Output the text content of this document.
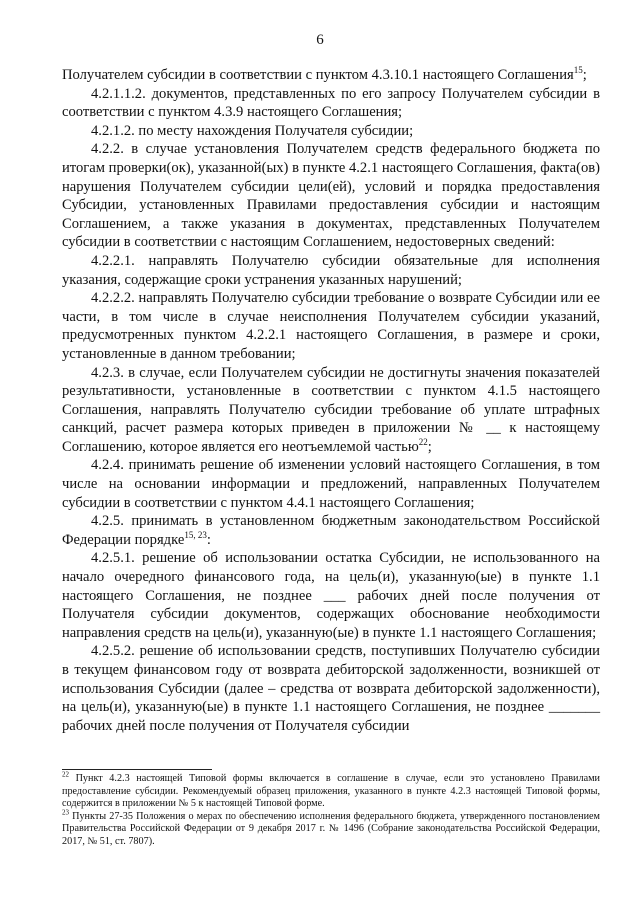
6

Получателем субсидии в соответствии с пунктом 4.3.10.1 настоящего Соглашения$^{15}$;

4.2.1.1.2. документов, представленных по его запросу Получателем субсидии в соответствии с пунктом 4.3.9 настоящего Соглашения;

4.2.1.2. по месту нахождения Получателя субсидии;

4.2.2. в случае установления Получателем средств федерального бюджета по итогам проверки(ок), указанной(ых) в пункте 4.2.1 настоящего Соглашения, факта(ов) нарушения Получателем субсидии цели(ей), условий и порядка предоставления Субсидии, установленных Правилами предоставления субсидии и настоящим Соглашением, а также указания в документах, представленных Получателем субсидии в соответствии с настоящим Соглашением, недостоверных сведений:

4.2.2.1. направлять Получателю субсидии обязательные для исполнения указания, содержащие сроки устранения указанных нарушений;

4.2.2.2. направлять Получателю субсидии требование о возврате Субсидии или ее части, в том числе в случае неисполнения Получателем субсидии указаний, предусмотренных пунктом 4.2.2.1 настоящего Соглашения, в размере и сроки, установленные в данном требовании;

4.2.3. в случае, если Получателем субсидии не достигнуты значения показателей результативности, установленные в соответствии с пунктом 4.1.5 настоящего Соглашения, направлять Получателю субсидии требование об уплате штрафных санкций, расчет размера которых приведен в приложении № __ к настоящему Соглашению, которое является его неотъемлемой частью$^{22}$;

4.2.4. принимать решение об изменении условий настоящего Соглашения, в том числе на основании информации и предложений, направленных Получателем субсидии в соответствии с пунктом 4.4.1 настоящего Соглашения;

4.2.5. принимать в установленном бюджетным законодательством Российской Федерации порядке$^{15, 23}$:

4.2.5.1. решение об использовании остатка Субсидии, не использованного на начало очередного финансового года, на цель(и), указанную(ые) в пункте 1.1 настоящего Соглашения, не позднее ___ рабочих дней после получения от Получателя субсидии документов, содержащих обоснование необходимости направления средств на цель(и), указанную(ые) в пункте 1.1 настоящего Соглашения;

4.2.5.2. решение об использовании средств, поступивших Получателю субсидии в текущем финансовом году от возврата дебиторской задолженности, возникшей от использования Субсидии (далее – средства от возврата дебиторской задолженности), на цель(и), указанную(ые) в пункте 1.1 настоящего Соглашения, не позднее _______ рабочих дней после получения от Получателя субсидии

$^{22}$ Пункт 4.2.3 настоящей Типовой формы включается в соглашение в случае, если это установлено Правилами предоставление субсидии. Рекомендуемый образец приложения, указанного в пункте 4.2.3 настоящей Типовой формы, содержится в приложении № 5 к настоящей Типовой форме.

$^{23}$ Пункты 27-35 Положения о мерах по обеспечению исполнения федерального бюджета, утвержденного постановлением Правительства Российской Федерации от 9 декабря 2017 г. № 1496 (Собрание законодательства Российской Федерации, 2017, № 51, ст. 7807).
